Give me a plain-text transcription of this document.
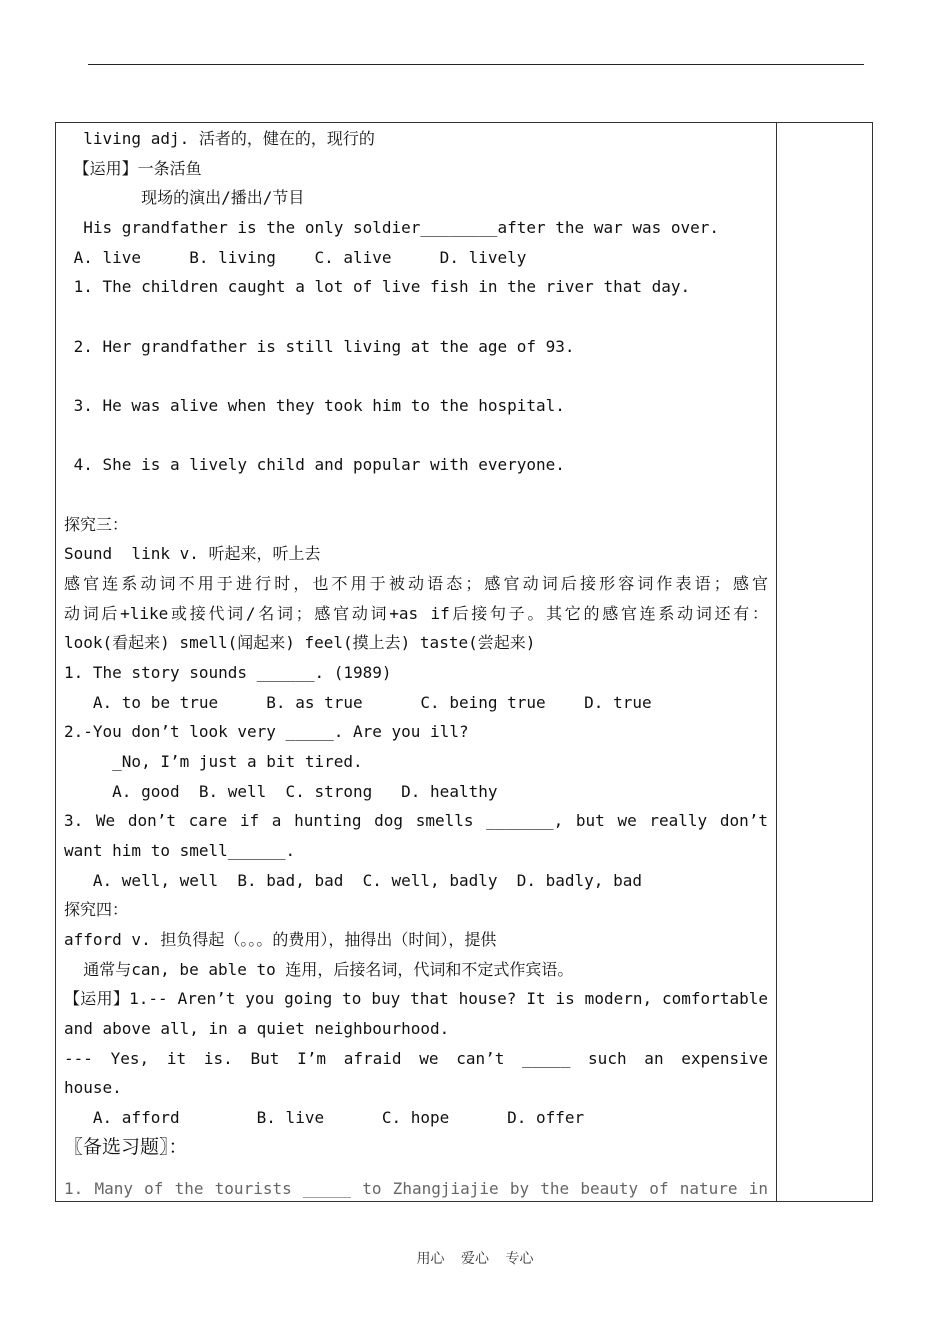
living adj. 活者的，健在的，现行的
【运用】一条活鱼
现场的演出/播出/节目
His grandfather is the only soldier________after the war was over.
A. live     B. living    C. alive     D. lively
1. The children caught a lot of live fish in the river that day.
2. Her grandfather is still living at the age of 93.
3. He was alive when they took him to the hospital.
4. She is a lively child and popular with everyone.
探究三：
Sound  link v. 听起来，听上去
感官连系动词不用于进行时，也不用于被动语态；感官动词后接形容词作表语；感官
动词后+like或接代词/名词；感官动词+as if后接句子。其它的感官连系动词还有：
look(看起来) smell(闻起来) feel(摸上去) taste(尝起来)
1. The story sounds ______. (1989)
A. to be true     B. as true      C. being true    D. true
2.-You don’t look very _____. Are you ill?
_No, I’m just a bit tired.
A. good  B. well  C. strong   D. healthy
3. We don’t care if a hunting dog smells _______, but we really don’t
want him to smell______.
A. well, well  B. bad, bad  C. well, badly  D. badly, bad
探究四：
afford v. 担负得起（。。。的费用），抽得出（时间），提供
通常与can, be able to 连用，后接名词，代词和不定式作宾语。
【运用】1.-- Aren’t you going to buy that house? It is modern, comfortable
and above all, in a quiet neighbourhood.
--- Yes, it is. But I’m afraid we can’t _____ such an expensive
house.
A. afford        B. live      C. hope      D. offer
〖备选习题〗：
1. Many of the tourists _____ to Zhangjiajie by the beauty of nature in
用心 爱心 专心
